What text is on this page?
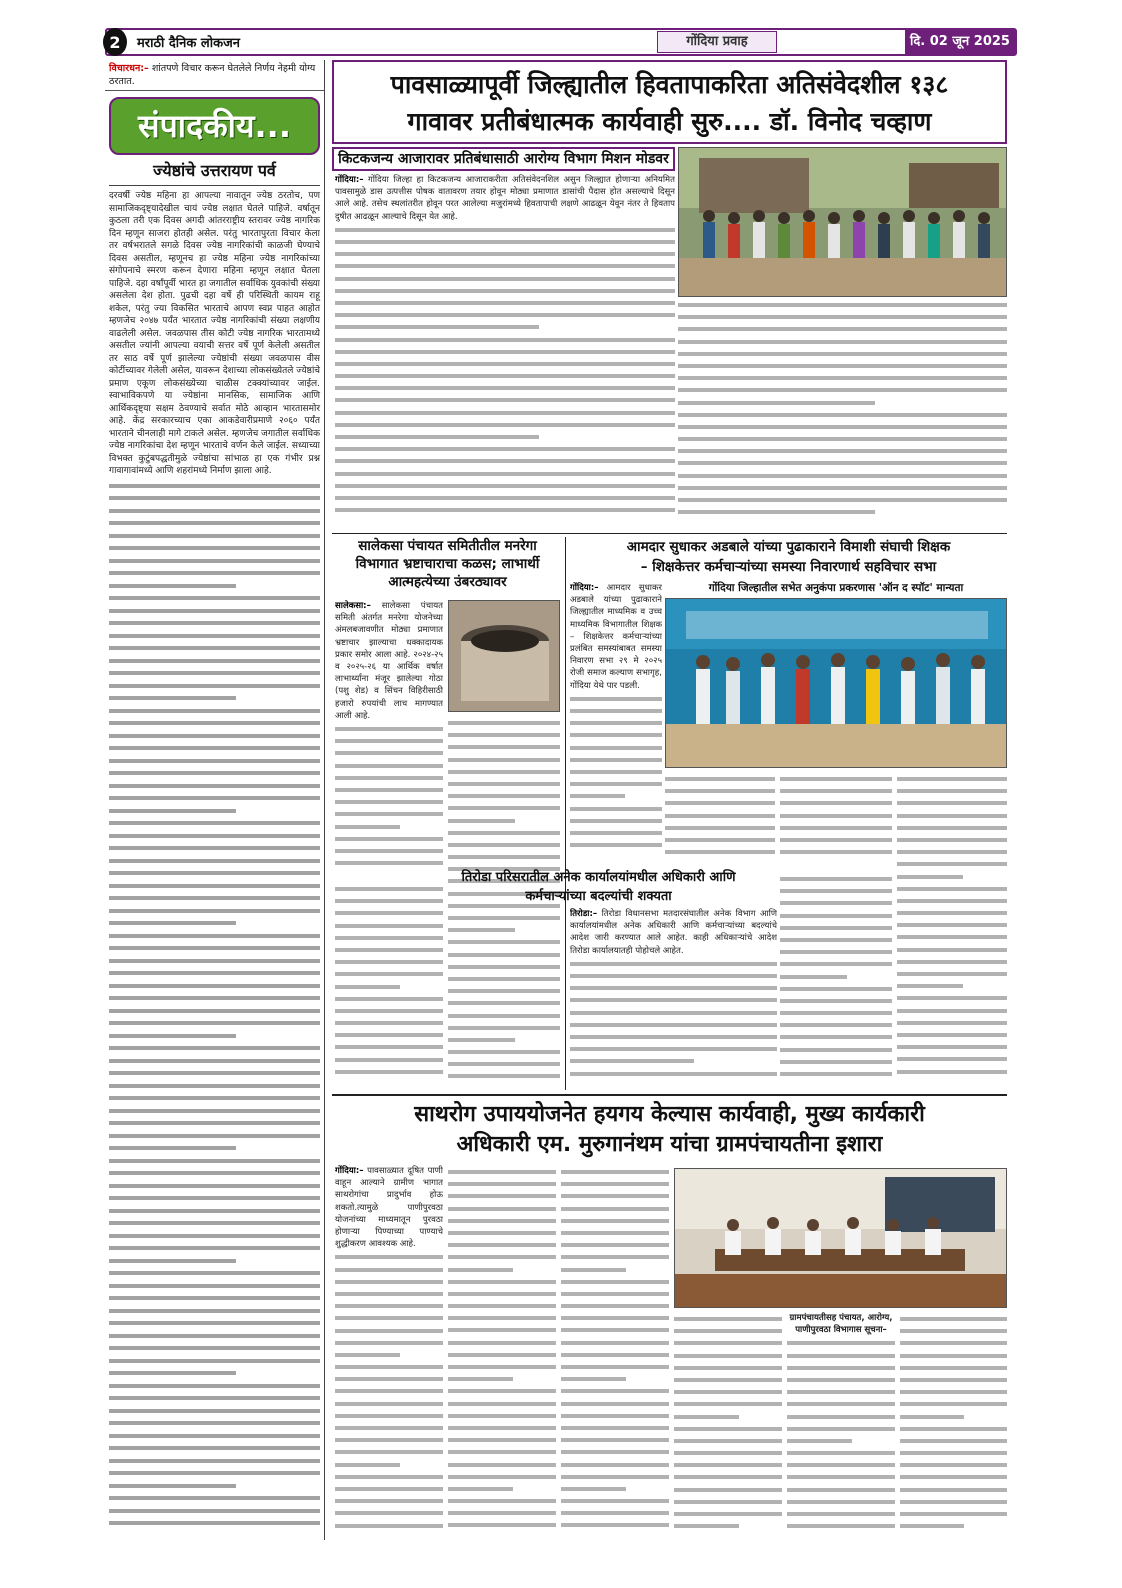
2	मराठी दैनिक लोकजन	गोंदिया प्रवाह	दि. 02 जून 2025
विचारधन:– शांतपणे विचार करून घेतलेले निर्णय नेहमी योग्य ठरतात.
संपादकीय...
ज्येष्ठांचे उत्तरायण पर्व

दरवर्षी ज्येष्ठ महिना हा आपल्या नावातून ज्येष्ठ ठरतोच, पण सामाजिकदृष्ट्यादेखील चायं ज्येष्ठ लक्षात घेतले पाहिजे. वर्षातून कुठला तरी एक दिवस अगदी आंतरराष्ट्रीय स्तरावर ज्येष्ठ नागरिक दिन म्हणून साजरा होतही असेल. परंतु भारतापुरता विचार केला तर वर्षभरातले सगळे दिवस ज्येष्ठ नागरिकांची काळजी घेण्याचे दिवस असतील, म्हणूनच हा ज्येष्ठ महिना ज्येष्ठ नागरिकांच्या संगोपनाचे स्मरण करून देणारा महिना म्हणून लक्षात घेतला पाहिजे. दहा वर्षांपूर्वी भारत हा जगातील सर्वाधिक युवकांची संख्या असलेला देश होता. पुढची दहा वर्षे ही परिस्थिती कायम राहू शकेल, परंतु ज्या विकसित भारताचे आपण स्वप्न पाहत आहोत म्हणजेच २०४७ पर्यंत भारतात ज्येष्ठ नागरिकांची संख्या लक्षणीय वाढलेली असेल. जवळपास तीस कोटी ज्येष्ठ नागरिक भारतामध्ये असतील ज्यांनी आपल्या वयाची सत्तर वर्षे पूर्ण केलेली असतील तर साठ वर्षे पूर्ण झालेल्या ज्येष्ठांची संख्या जवळपास वीस कोटींच्यावर गेलेली असेल, यावरून देशाच्या लोकसंख्येतले ज्येष्ठांचे प्रमाण एकूण लोकसंख्येच्या चाळीस टक्क्यांच्यावर जाईल. स्वाभाविकपणे या ज्येष्ठांना मानसिक, सामाजिक आणि आर्थिकदृष्ट्या सक्षम ठेवण्याचे सर्वात मोठे आव्हान भारतासमोर आहे. केंद्र सरकारच्याच एका आकडेवारीप्रमाणे २०६० पर्यंत भारताने चीनलाही मागे टाकले असेल. म्हणजेच जगातील सर्वाधिक ज्येष्ठ नागरिकांचा देश म्हणून भारताचे वर्णन केले जाईल. सध्याच्या विभक्त कुटुंबपद्धतीमुळे ज्येष्ठांचा सांभाळ हा एक गंभीर प्रश्न गावागावांमध्ये आणि शहरांमध्ये निर्माण झाला आहे.

पावसाळ्यापूर्वी जिल्ह्यातील हिवतापाकरिता अतिसंवेदशील १३८
गावावर प्रतीबंधात्मक कार्यवाही सुरु.... डॉ. विनोद चव्हाण
किटकजन्य आजारावर प्रतिबंधासाठी आरोग्य विभाग मिशन मोडवर

गोंदिया:– गोंदिया जिल्हा हा किटकजन्य आजाराकरीता अतिसंवेदनशिल असुन जिल्ह्यात होणाऱ्या अनियमित पावसामुळे डास उत्पत्तीस पोषक वातावरण तयार होवून मोठ्या प्रमाणात डासांची पैदास होत असल्याचे दिसून आले आहे. तसेच स्थलांतरीत होवून परत आलेल्या मजुरांमध्ये हिवतापाची लक्षणे आढळून येवून नंतर ते हिवताप दुषीत आढळून आल्याचे दिसून येत आहे.

सालेकसा पंचायत समितीतील मनरेगा विभागात भ्रष्टाचाराचा कळस; लाभार्थी आत्महत्येच्या उंबरठ्यावर

सालेकसा:– सालेकसा पंचायत समिती अंतर्गत मनरेगा योजनेच्या अंमलबजावणीत मोठ्या प्रमाणात भ्रष्टाचार झाल्याचा धक्कादायक प्रकार समोर आला आहे. २०२४-२५ व २०२५-२६ या आर्थिक वर्षात लाभार्थ्यांना मंजूर झालेल्या गोठा (पशु शेड) व सिंचन विहिरीसाठी हजारो रुपयांची लाच मागण्यात आली आहे.

आमदार सुधाकर अडबाले यांच्या पुढाकाराने विमाशी संघाची शिक्षक
– शिक्षकेत्तर कर्मचाऱ्यांच्या समस्या निवारणार्थ सहविचार सभा
गोंदिया जिल्हातील सभेत अनुकंपा प्रकरणास 'ऑन द स्पॉट' मान्यता

गोंदिया:– आमदार सुधाकर अडबाले यांच्या पुढाकाराने जिल्ह्यातील माध्यमिक व उच्च माध्यमिक विभागातील शिक्षक – शिक्षकेत्तर कर्मचाऱ्यांच्या प्रलंबित समस्यांबाबत समस्या निवारण सभा २९ मे २०२५ रोजी समाज कल्याण सभागृह, गोंदिया येथे पार पडली.

तिरोडा परिसरातील अनेक कार्यालयांमधील अधिकारी आणि
कर्मचाऱ्यांच्या बदल्यांची शक्यता

तिरोडा:– तिरोडा विधानसभा मतदारसंघातील अनेक विभाग आणि कार्यालयांमधील अनेक अधिकारी आणि कर्मचाऱ्यांच्या बदल्यांचे आदेश जारी करण्यात आले आहेत. काही अधिकाऱ्यांचे आदेश तिरोडा कार्यालयातही पोहोचले आहेत.

साथरोग उपाययोजनेत हयगय केल्यास कार्यवाही, मुख्य कार्यकारी
अधिकारी एम. मुरुगानंथम यांचा ग्रामपंचायतीना इशारा

गोंदिया:– पावसाळ्यात दूषित पाणी वाहून आल्याने ग्रामीण भागात साथरोगांचा प्रादुर्भाव होऊ शकतो.त्यामुळे पाणीपुरवठा योजनांच्या माध्यमातून पुरवठा होणाऱ्या पिण्याच्या पाण्याचे शुद्धीकरण आवश्यक आहे.

ग्रामपंचायतीसह पंचायत, आरोग्य, पाणीपुरवठा विभागास सूचना–
